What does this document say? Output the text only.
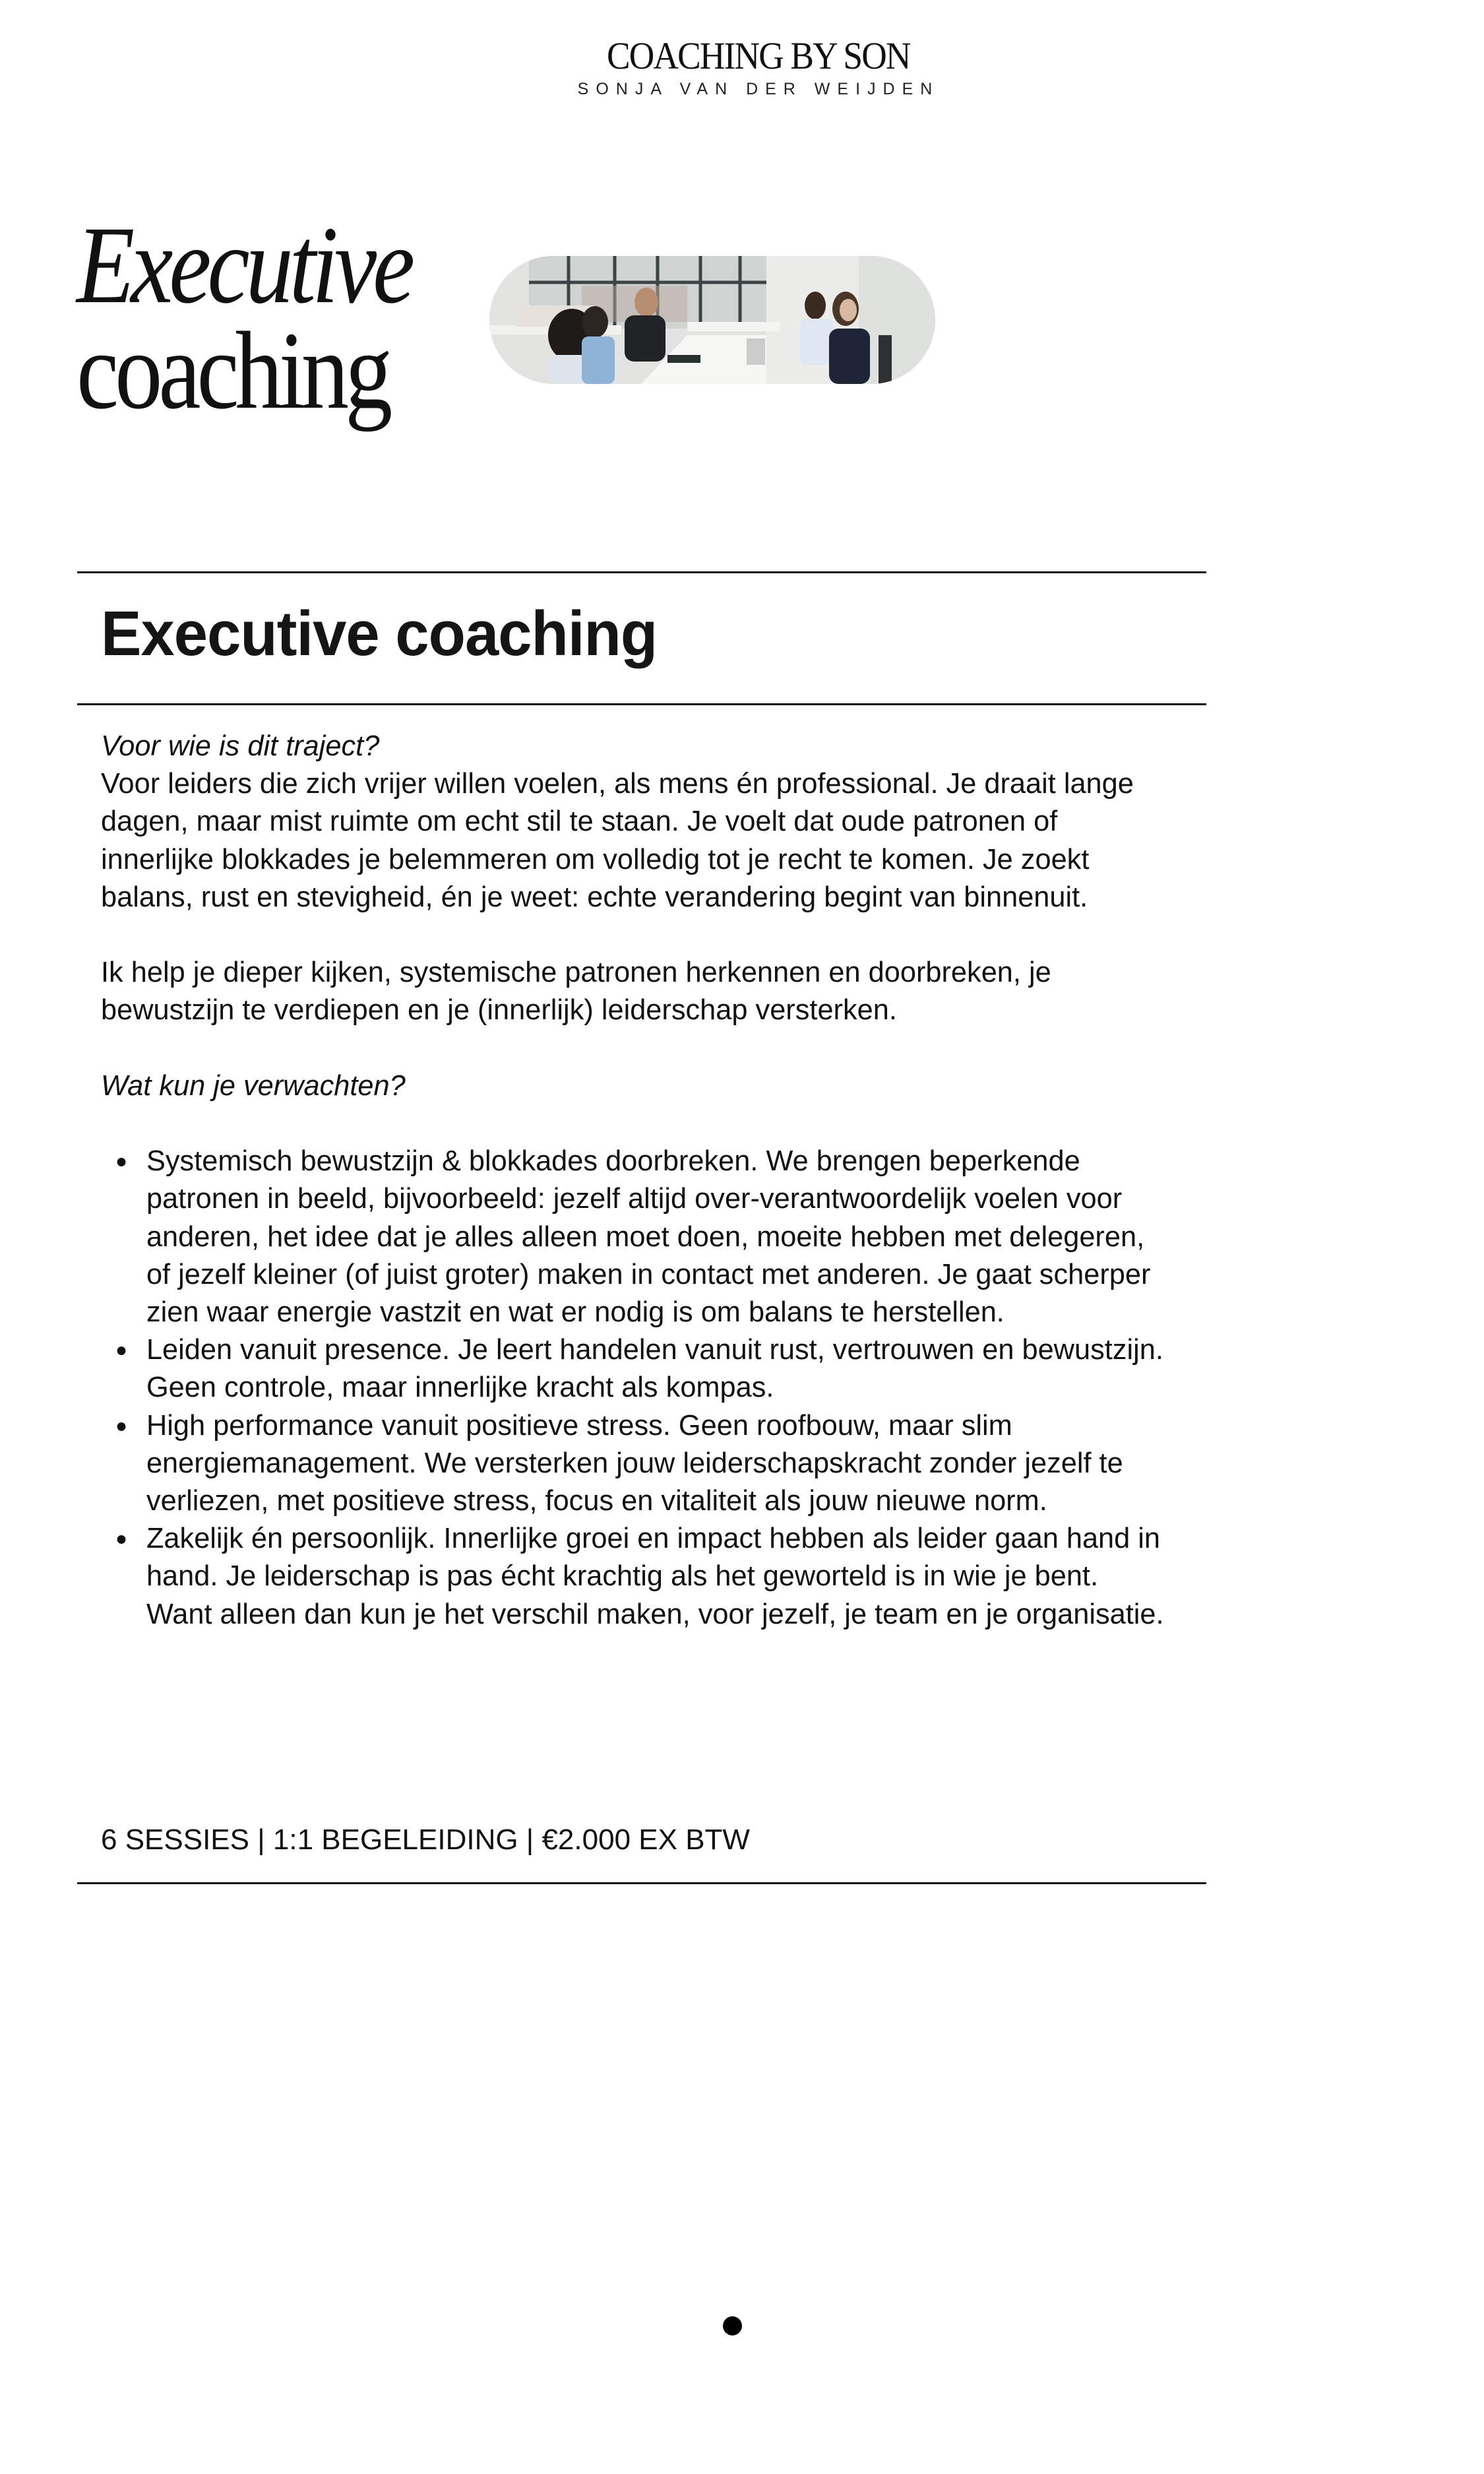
COACHING BY SON
SONJA VAN DER WEIJDEN
Executive
coaching
Executive coaching

Voor wie is dit traject?

Voor leiders die zich vrijer willen voelen, als mens én professional. Je draait lange dagen, maar mist ruimte om echt stil te staan. Je voelt dat oude patronen of innerlijke blokkades je belemmeren om volledig tot je recht te komen. Je zoekt balans, rust en stevigheid, én je weet: echte verandering begint van binnenuit.

Ik help je dieper kijken, systemische patronen herkennen en doorbreken, je bewustzijn te verdiepen en je (innerlijk) leiderschap versterken.

Wat kun je verwachten?

Systemisch bewustzijn & blokkades doorbreken. We brengen beperkende patronen in beeld, bijvoorbeeld: jezelf altijd over-verantwoordelijk voelen voor anderen, het idee dat je alles alleen moet doen, moeite hebben met delegeren, of jezelf kleiner (of juist groter) maken in contact met anderen. Je gaat scherper zien waar energie vastzit en wat er nodig is om balans te herstellen.
Leiden vanuit presence. Je leert handelen vanuit rust, vertrouwen en bewustzijn. Geen controle, maar innerlijke kracht als kompas.
High performance vanuit positieve stress. Geen roofbouw, maar slim energiemanagement. We versterken jouw leiderschapskracht zonder jezelf te verliezen, met positieve stress, focus en vitaliteit als jouw nieuwe norm.
Zakelijk én persoonlijk. Innerlijke groei en impact hebben als leider gaan hand in hand. Je leiderschap is pas écht krachtig als het geworteld is in wie je bent. Want alleen dan kun je het verschil maken, voor jezelf, je team en je organisatie.
6 SESSIES | 1:1 BEGELEIDING | €2.000 EX BTW
